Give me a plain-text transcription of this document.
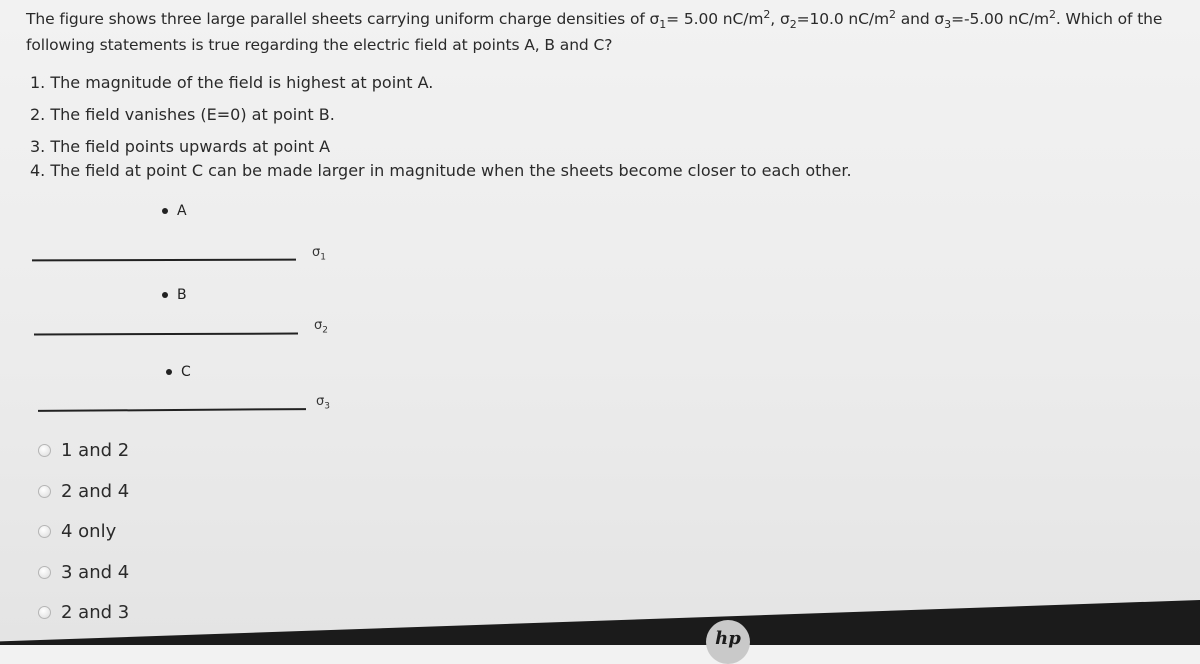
The figure shows three large parallel sheets carrying uniform charge densities of $\sigma_1= 5.00$ $nC/m^2$, $\sigma_2=10.0$ $nC/m^2$ and $\sigma_3=-5.00$ $nC/m^2$. Which of the
following statements is true regarding the electric field at points A, B and C?
1. The magnitude of the field is highest at point A.
2. The field vanishes (E=0) at point B.
3. The field points upwards at point A
4. The field at point C can be made larger in magnitude when the sheets become closer to each other.
A
$\sigma_1$
B
$\sigma_2$
C
$\sigma_3$
1 and 2
2 and 4
4 only
3 and 4
2 and 3
hp
